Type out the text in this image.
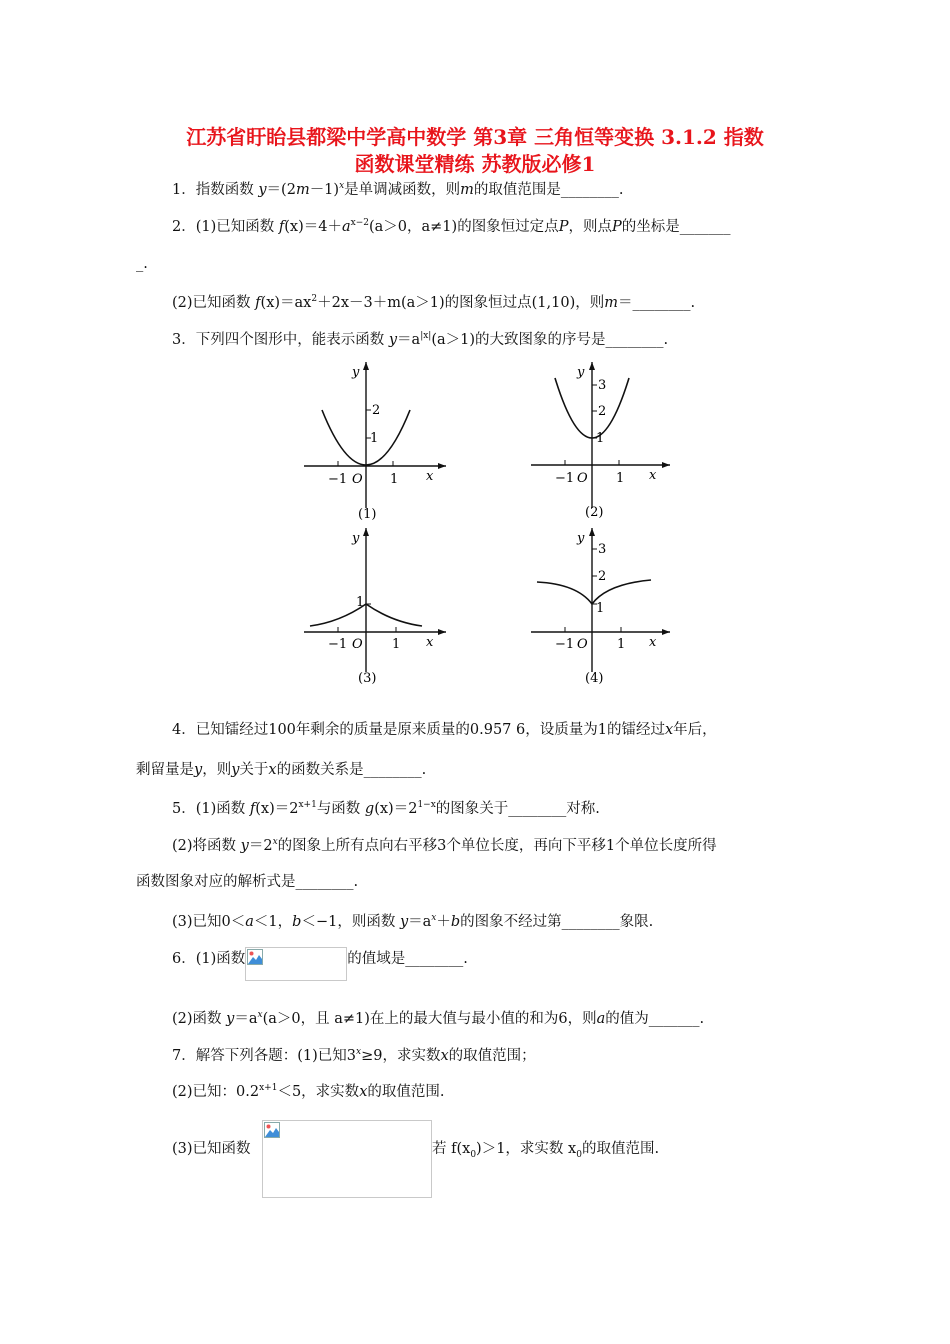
江苏省盱眙县都梁中学高中数学 第3章 三角恒等变换 3.1.2 指数
函数课堂精练 苏教版必修1
1．指数函数 $y=(2m-1)^x$是单调减函数，则m的取值范围是________.
2．(1)已知函数 $f(x)=4+a^{x-2}(a>0$，a≠1)的图象恒过定点P，则点P的坐标是_______
_.
(2)已知函数 $f(x)=ax^2+2x-3+m(a>1)$的图象恒过点(1,10)，则m＝________.
3．下列四个图形中，能表示函数 $y=a^{|x|}(a>1)$的大致图象的序号是________.
y
x
2
1
−1 O 1
(1)
y
x
3
2
1
−1 O 1
(2)
y
x
1
−1 O 1
(3)
y
x
3
2
1
−1 O 1
(4)
4．已知镭经过100年剩余的质量是原来质量的0.957 6，设质量为1的镭经过x年后，
剩留量是y，则y关于x的函数关系是________.
5．(1)函数 $f(x)=2^{x+1}$与函数 $g(x)=2^{1-x}$的图象关于________对称.
(2)将函数 $y=2^x$的图象上所有点向右平移3个单位长度，再向下平移1个单位长度所得
函数图象对应的解析式是________.
(3)已知0＜a＜1，b＜−1，则函数 $y=a^x+b$的图象不经过第________象限.
6．(1)函数	的值域是________.
(2)函数 $y=a^x(a>0$，且 a≠1)在上的最大值与最小值的和为6，则a的值为_______.
7．解答下列各题：(1)已知$3^x\ge 9$，求实数x的取值范围；
(2)已知：$0.2^{x+1}<5$，求实数x的取值范围.
(3)已知函数	若 $f(x_0)>1$，求实数 $x_0$的取值范围.
